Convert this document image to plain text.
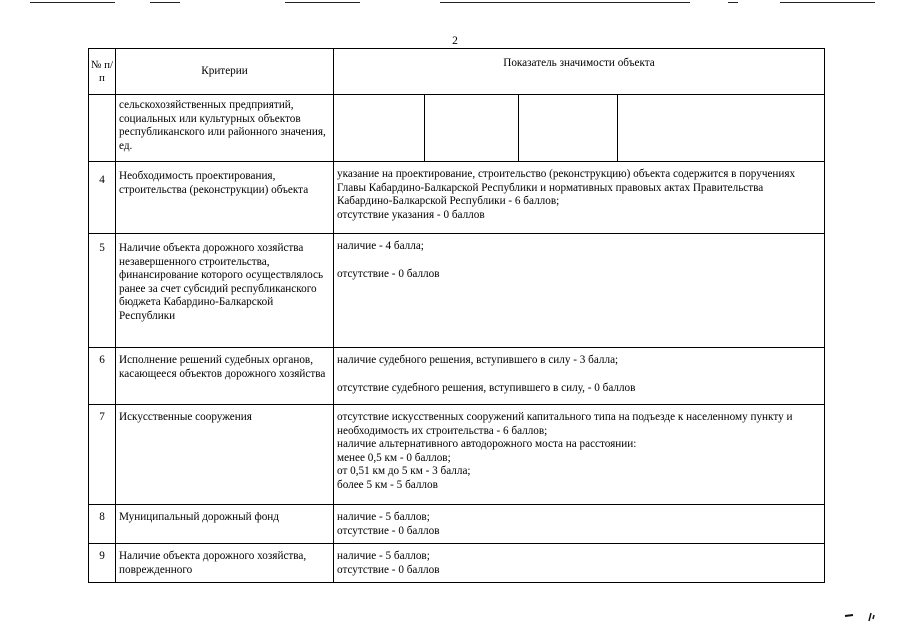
2
№ п/п	Критерии	Показатель значимости объекта
	сельскохозяйственных предприятий, социальных или культурных объектов республиканского или районного значения, ед.	

4	Необходимость проектирования, строительства (реконструкции) объекта	указание на проектирование, строительство (реконструкцию) объекта содержится в поручениях Главы Кабардино-Балкарской Республики и нормативных правовых актах Правительства Кабардино-Балкарской Республики - 6 баллов;
отсутствие указания - 0 баллов

5	Наличие объекта дорожного хозяйства незавершенного строительства, финансирование которого осуществлялось ранее за счет субсидий республиканского бюджета Кабардино-Балкарской Республики	наличие - 4 балла;
отсутствие - 0 баллов

6	Исполнение решений судебных органов, касающееся объектов дорожного хозяйства	наличие судебного решения, вступившего в силу - 3 балла;
отсутствие судебного решения, вступившего в силу, - 0 баллов

7	Искусственные сооружения	отсутствие искусственных сооружений капитального типа на подъезде к населенному пункту и необходимость их строительства - 6 баллов;
наличие альтернативного автодорожного моста на расстоянии:
менее 0,5 км - 0 баллов;
от 0,51 км до 5 км - 3 балла;
более 5 км - 5 баллов

8	Муниципальный дорожный фонд	наличие - 5 баллов;
отсутствие - 0 баллов

9	Наличие объекта дорожного хозяйства, поврежденного	наличие - 5 баллов;
отсутствие - 0 баллов
